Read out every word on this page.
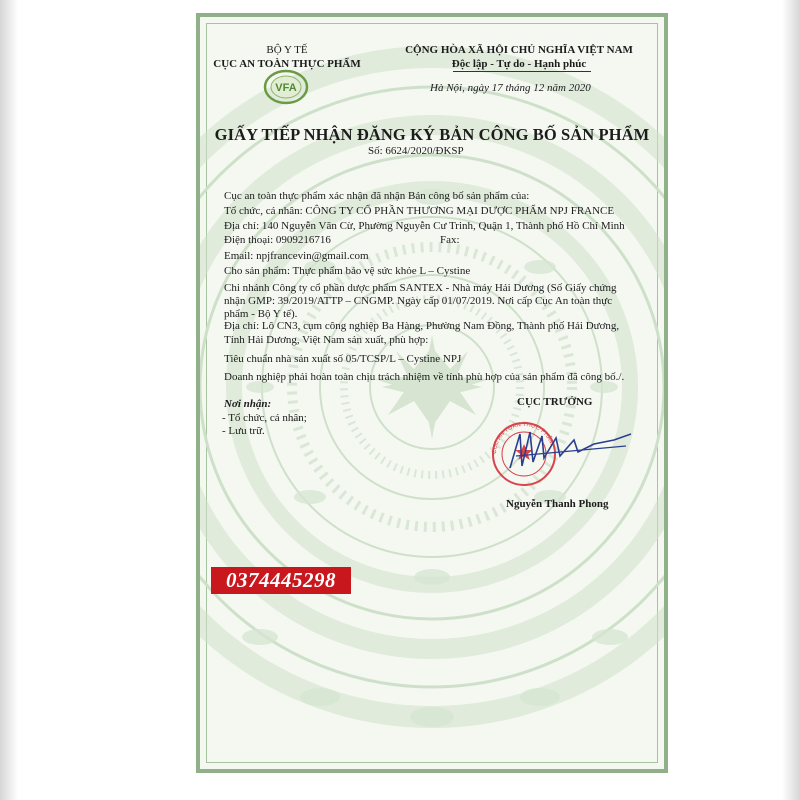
BỘ Y TẾ
CỤC AN TOÀN THỰC PHẨM
VFA
CỘNG HÒA XÃ HỘI CHỦ NGHĨA VIỆT NAM
Độc lập - Tự do - Hạnh phúc
Hà Nội, ngày 17 tháng 12 năm 2020
GIẤY TIẾP NHẬN ĐĂNG KÝ BẢN CÔNG BỐ SẢN PHẨM
Số: 6624/2020/ĐKSP
Cục an toàn thực phẩm xác nhận đã nhận Bản công bố sản phẩm của:
Tổ chức, cá nhân: CÔNG TY CỔ PHẦN THƯƠNG MẠI DƯỢC PHẨM NPJ FRANCE
Địa chỉ: 140 Nguyễn Văn Cừ, Phường Nguyễn Cư Trinh, Quận 1, Thành phố Hồ Chí Minh
Điện thoại: 0909216716	Fax:
Email: npjfrancevin@gmail.com
Cho sản phẩm: Thực phẩm bảo vệ sức khỏe L – Cystine
Chi nhánh Công ty cổ phần dược phẩm SANTEX - Nhà máy Hải Dương (Số Giấy chứng
nhận GMP: 39/2019/ATTP – CNGMP. Ngày cấp 01/07/2019. Nơi cấp Cục An toàn thực
phẩm - Bộ Y tế).
Địa chỉ: Lô CN3, cụm công nghiệp Ba Hàng, Phường Nam Đồng, Thành phố Hải Dương,
Tỉnh Hải Dương, Việt Nam sản xuất, phù hợp:
Tiêu chuẩn nhà sản xuất số 05/TCSP/L – Cystine NPJ
Doanh nghiệp phải hoàn toàn chịu trách nhiệm về tính phù hợp của sản phẩm đã công bố./.
Nơi nhận:
- Tổ chức, cá nhân;
- Lưu trữ.
CỤC TRƯỞNG
CỤC AN TOÀN THỰC PHẨM
Nguyễn Thanh Phong
0374445298
